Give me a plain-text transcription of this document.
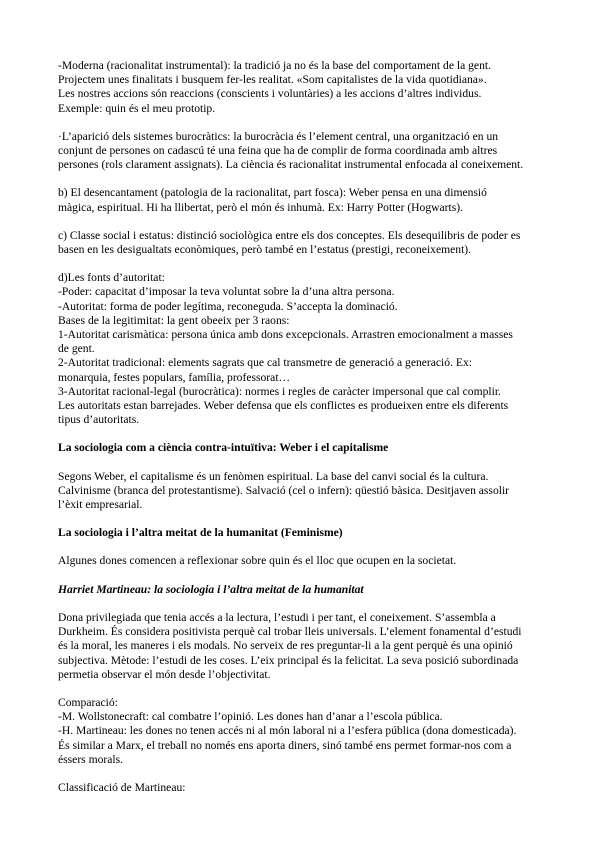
-Moderna (racionalitat instrumental): la tradició ja no és la base del comportament de la gent.

Projectem unes finalitats i busquem fer-les realitat. «Som capitalistes de la vida quotidiana».

Les nostres accions són reaccions (conscients i voluntàries) a les accions d’altres individus.

Exemple: quin és el meu prototip.

·L’aparició dels sistemes burocràtics: la burocràcia és l’element central, una organització en un

conjunt de persones on cadascú té una feina que ha de complir de forma coordinada amb altres

persones (rols clarament assignats). La ciència és racionalitat instrumental enfocada al coneixement.

b) El desencantament (patologia de la racionalitat, part fosca): Weber pensa en una dimensió

màgica, espiritual. Hi ha llibertat, però el món és inhumà. Ex: Harry Potter (Hogwarts).

c) Classe social i estatus: distinció sociològica entre els dos conceptes. Els desequilibris de poder es

basen en les desigualtats econòmiques, però també en l’estatus (prestigi, reconeixement).

d)Les fonts d’autoritat:

-Poder: capacitat d’imposar la teva voluntat sobre la d’una altra persona.

-Autoritat: forma de poder legítima, reconeguda. S’accepta la dominació.

Bases de la legitimitat: la gent obeeix per 3 raons:

1-Autoritat carismàtica: persona única amb dons excepcionals. Arrastren emocionalment a masses

de gent.

2-Autoritat tradicional: elements sagrats que cal transmetre de generació a generació. Ex:

monarquia, festes populars, família, professorat…

3-Autoritat racional-legal (burocràtica): normes i regles de caràcter impersonal que cal complir.

Les autoritats estan barrejades. Weber defensa que els conflictes es produeixen entre els diferents

tipus d’autoritats.

La sociologia com a ciència contra-intuïtiva: Weber i el capitalisme

Segons Weber, el capitalisme és un fenòmen espiritual. La base del canvi social és la cultura.

Calvinisme (branca del protestantisme). Salvació (cel o infern): qüestió bàsica. Desitjaven assolir

l’èxit empresarial.

La sociologia i l’altra meitat de la humanitat (Feminisme)

Algunes dones comencen a reflexionar sobre quin és el lloc que ocupen en la societat.

Harriet Martineau: la sociologia i l’altra meitat de la humanitat

Dona privilegiada que tenia accés a la lectura, l’estudi i per tant, el coneixement. S’assembla a

Durkheim. És considera positivista perquè cal trobar lleis universals. L’element fonamental d’estudi

és la moral, les maneres i els modals. No serveix de res preguntar-li a la gent perquè és una opinió

subjectiva. Mètode: l’estudi de les coses. L’eix principal és la felicitat. La seva posició subordinada

permetia observar el món desde l’objectivitat.

Comparació:

-M. Wollstonecraft: cal combatre l’opinió. Les dones han d’anar a l’escola pública.

-H. Martineau: les dones no tenen accés ni al món laboral ni a l’esfera pública (dona domesticada).

És similar a Marx, el treball no només ens aporta diners, sinó també ens permet formar-nos com a

éssers morals.

Classificació de Martineau:
